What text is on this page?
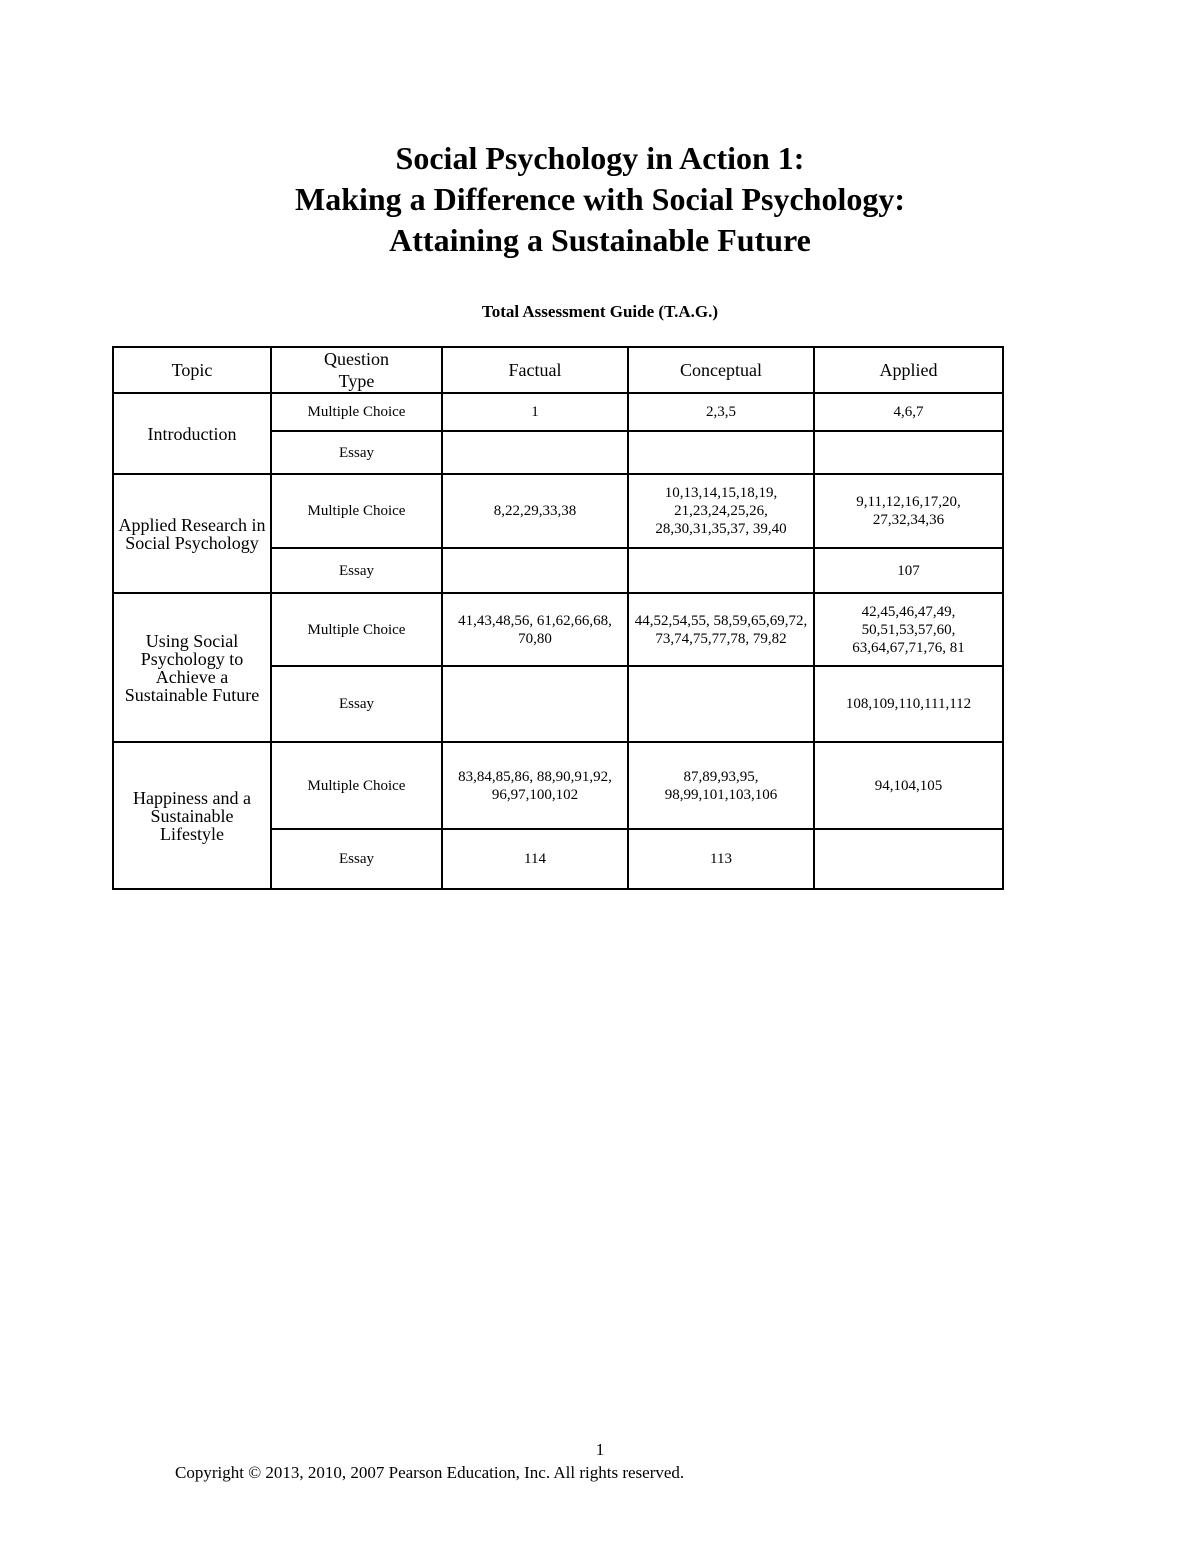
Social Psychology in Action 1:
Making a Difference with Social Psychology:
Attaining a Sustainable Future
Total Assessment Guide (T.A.G.)
Topic	Question Type	Factual	Conceptual	Applied
Introduction	Multiple Choice	1	2,3,5	4,6,7
	Essay			
Applied Research in Social Psychology	Multiple Choice	8,22,29,33,38	10,13,14,15,18,19, 21,23,24,25,26, 28,30,31,35,37, 39,40	9,11,12,16,17,20, 27,32,34,36
	Essay			107
Using Social Psychology to Achieve a Sustainable Future	Multiple Choice	41,43,48,56, 61,62,66,68, 70,80	44,52,54,55, 58,59,65,69,72, 73,74,75,77,78, 79,82	42,45,46,47,49, 50,51,53,57,60, 63,64,67,71,76, 81
	Essay			108,109,110,111,112
Happiness and a Sustainable Lifestyle	Multiple Choice	83,84,85,86, 88,90,91,92, 96,97,100,102	87,89,93,95, 98,99,101,103,106	94,104,105
	Essay	114	113	
1
Copyright © 2013, 2010, 2007 Pearson Education, Inc. All rights reserved.
